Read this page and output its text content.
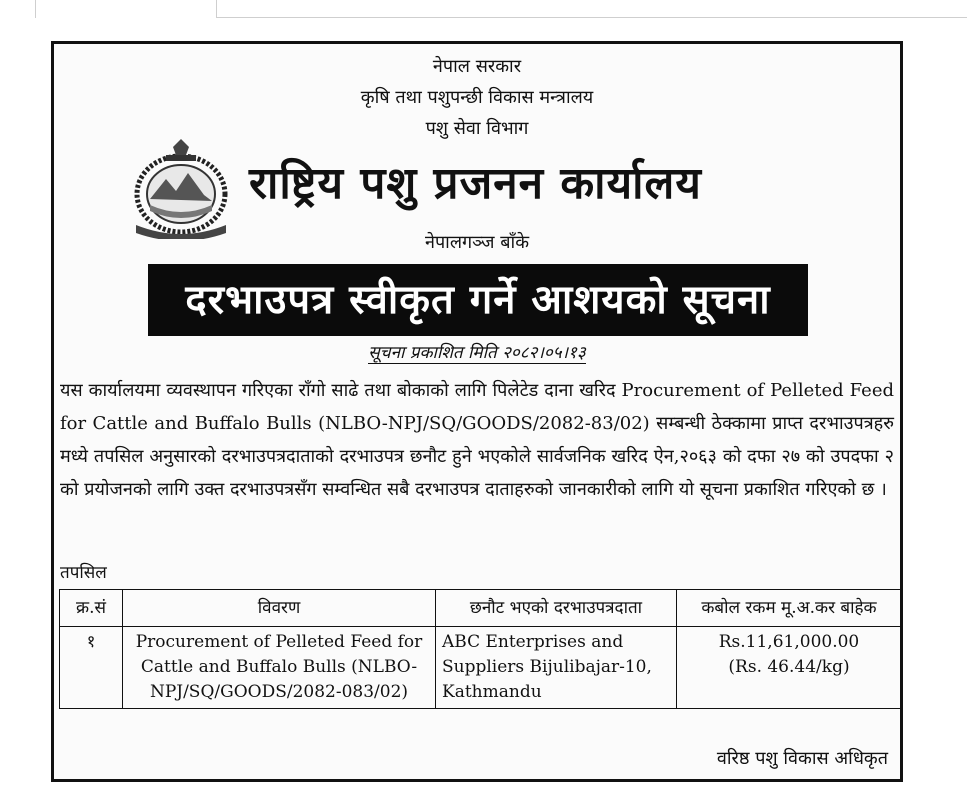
नेपाल सरकार
कृषि तथा पशुपन्छी विकास मन्त्रालय
पशु सेवा विभाग
राष्ट्रिय पशु प्रजनन कार्यालय
नेपालगञ्ज बाँके
दरभाउपत्र स्वीकृत गर्ने आशयको सूचना
सूचना प्रकाशित मिति २०८२।०५।१३

यस कार्यालयमा व्यवस्थापन गरिएका राँगो साढे तथा बोकाको लागि पिलेटेड दाना खरिद Procurement of Pelleted Feed for Cattle and Buffalo Bulls (NLBO-NPJ/SQ/GOODS/2082-83/02) सम्बन्धी ठेक्कामा प्राप्त दरभाउपत्रहरु मध्ये तपसिल अनुसारको दरभाउपत्रदाताको दरभाउपत्र छनौट हुने भएकोले सार्वजनिक खरिद ऐन,२०६३ को दफा २७ को उपदफा २ को प्रयोजनको लागि उक्त दरभाउपत्रसँग सम्वन्धित सबै दरभाउपत्र दाताहरुको जानकारीको लागि यो सूचना प्रकाशित गरिएको छ ।

तपसिल
क्र.सं	विवरण	छनौट भएको दरभाउपत्रदाता	कबोल रकम मू.अ.कर बाहेक
१	Procurement of Pelleted Feed for Cattle and Buffalo Bulls (NLBO-NPJ/SQ/GOODS/2082-083/02)	ABC Enterprises and Suppliers Bijulibajar-10, Kathmandu	Rs.11,61,000.00
(Rs. 46.44/kg)
वरिष्ठ पशु विकास अधिकृत
